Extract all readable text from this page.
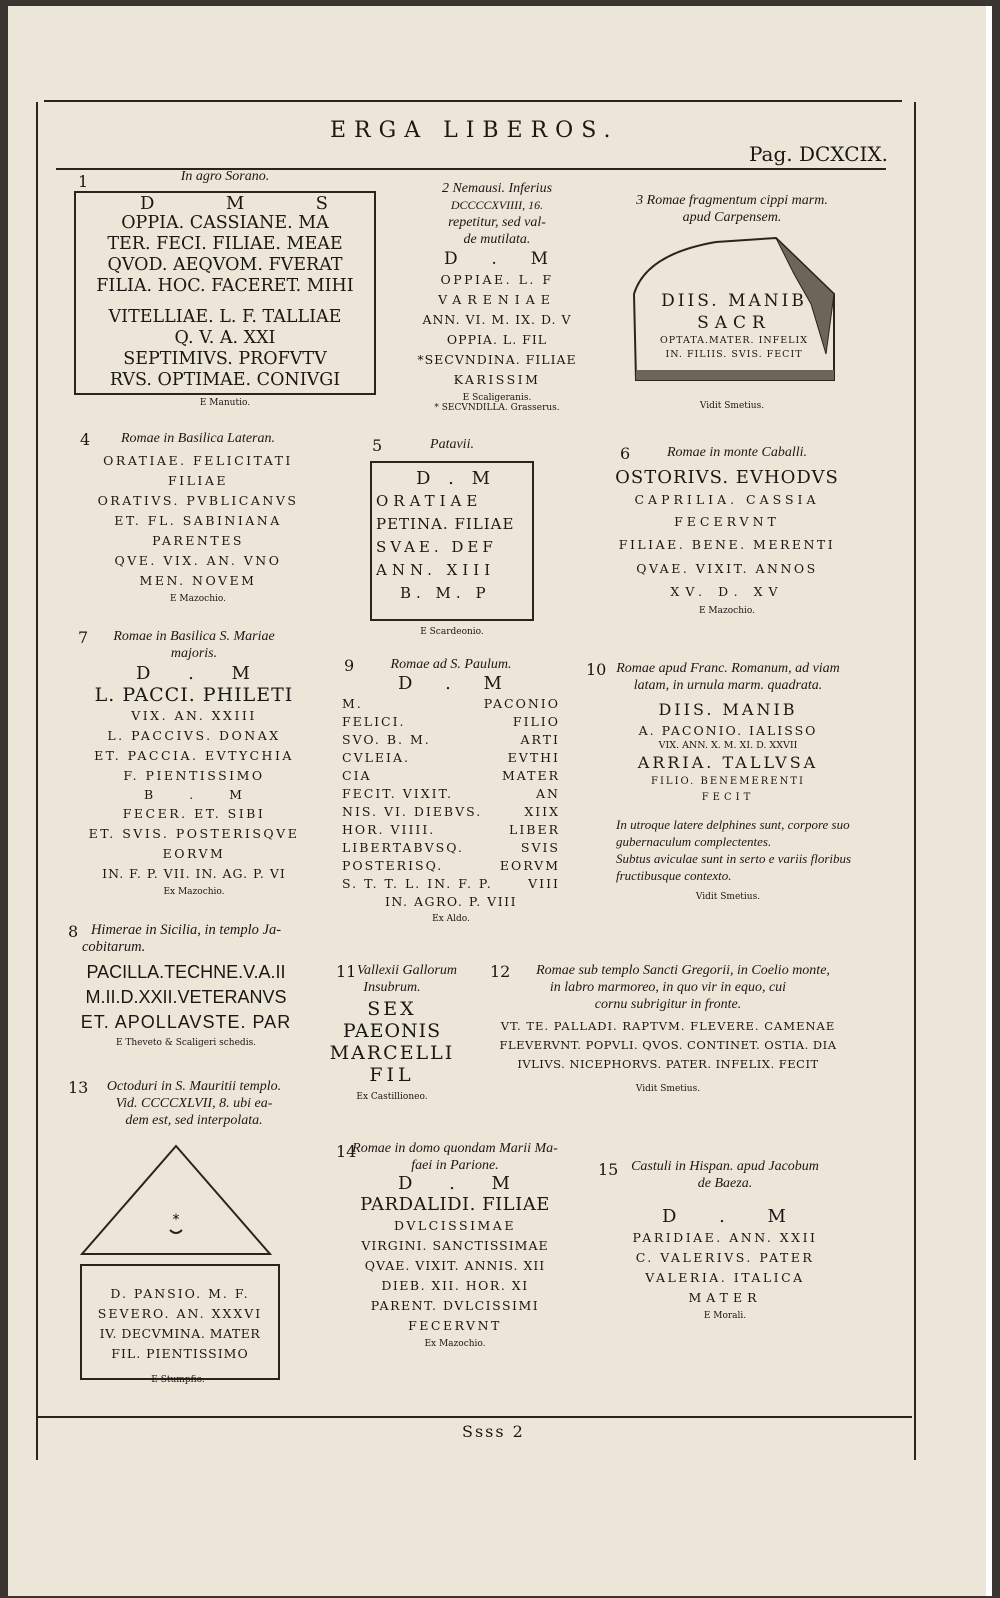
ERGA LIBEROS.
Pag. DCXCIX.
1	In agro Sorano.
D	M	S
OPPIA. CASSIANE. MA
TER. FECI. FILIAE. MEAE
QVOD. AEQVOM. FVERAT
FILIA. HOC. FACERET. MIHI
VITELLIAE. L. F. TALLIAE
Q. V. A. XXI
SEPTIMIVS. PROFVTV
RVS. OPTIMAE. CONIVGI
E Manutio.
2 Nemausi. Inferius
DCCCCXVIIII, 16.
repetitur, sed val-
de mutilata.
D . M
OPPIAE. L. F
VARENIAE
ANN. VI. M. IX. D. V
OPPIA. L. FIL
*SECVNDINA. FILIAE
KARISSIM
E Scaligeranis.
* SECVNDILLA. Grasserus.
3 Romae fragmentum cippi marm.
apud Carpensem.
DIIS. MANIB
SACR
OPTATA.MATER. INFELIX
IN. FILIIS. SVIS. FECIT
Vidit Smetius.
4	Romae in Basilica Lateran.
ORATIAE. FELICITATI
FILIAE
ORATIVS. PVBLICANVS
ET. FL. SABINIANA
PARENTES
QVE. VIX. AN. VNO
MEN. NOVEM
E Mazochio.
5	Patavii.
D . M
ORATIAE
PETINA. FILIAE
SVAE. DEF
ANN. XIII
B. M. P
E Scardeonio.
6	Romae in monte Caballi.
OSTORIVS. EVHODVS
CAPRILIA. CASSIA
FECERVNT
FILIAE. BENE. MERENTI
QVAE. VIXIT. ANNOS
XV. D. XV
E Mazochio.
7	Romae in Basilica S. Mariae
majoris.
D . M
L. PACCI. PHILETI
VIX. AN. XXIII
L. PACCIVS. DONAX
ET. PACCIA. EVTYCHIA
F. PIENTISSIMO
B	.	M
FECER. ET. SIBI
ET. SVIS. POSTERISQVE
EORVM
IN. F. P. VII. IN. AG. P. VI
Ex Mazochio.
9	Romae ad S. Paulum.
D . M
M.	PACONIO
FELICI.	FILIO
SVO. B. M.	ARTI
CVLEIA.	EVTHI
CIA	MATER
FECIT. VIXIT.	AN
NIS. VI. DIEBVS.	XIIX
HOR. VIIII.	LIBER
LIBERTABVSQ.	SVIS
POSTERISQ.	EORVM
S. T. T. L. IN. F. P.	VIII
IN. AGRO. P. VIII
Ex Aldo.
10 Romae apud Franc. Romanum, ad viam
latam, in urnula marm. quadrata.
DIIS. MANIB
A. PACONIO. IALISSO
VIX. ANN. X. M. XI. D. XXVII
ARRIA. TALLVSA
FILIO. BENEMERENTI
FECIT
In utroque latere delphines sunt, corpore suo
gubernaculum complectentes.
Subtus aviculae sunt in serto e variis floribus
fructibusque contexto.
Vidit Smetius.
8 Himerae in Sicilia, in templo Ja-
cobitarum.
PACILLA.TECHNE.V.A.II
M.II.D.XXII.VETERANVS
ET. APOLLAVSTE. PAR
E Theveto & Scaligeri schedis.
11 Vallexii Gallorum
Insubrum.
SEX
PAEONIS
MARCELLI
FIL
Ex Castillioneo.
12	Romae sub templo Sancti Gregorii, in Coelio monte,
in labro marmoreo, in quo vir in equo, cui
cornu subrigitur in fronte.
VT. TE. PALLADI. RAPTVM. FLEVERE. CAMENAE
FLEVERVNT. POPVLI. QVOS. CONTINET. OSTIA. DIA
IVLIVS. NICEPHORVS. PATER. INFELIX. FECIT
Vidit Smetius.
13	Octoduri in S. Mauritii templo.
Vid. CCCCXLVII, 8. ubi ea-
dem est, sed interpolata.
*
D. PANSIO. M. F.
SEVERO. AN. XXXVI
IV. DECVMINA. MATER
FIL. PIENTISSIMO
E Stumpfio.
14
Romae in domo quondam Marii Ma-
faei in Parione.
D . M
PARDALIDI. FILIAE
DVLCISSIMAE
VIRGINI. SANCTISSIMAE
QVAE. VIXIT. ANNIS. XII
DIEB. XII. HOR. XI
PARENT. DVLCISSIMI
FECERVNT
Ex Mazochio.
15 Castuli in Hispan. apud Jacobum
de Baeza.
D . M
PARIDIAE. ANN. XXII
C. VALERIVS. PATER
VALERIA. ITALICA
MATER
E Morali.
Ssss 2
